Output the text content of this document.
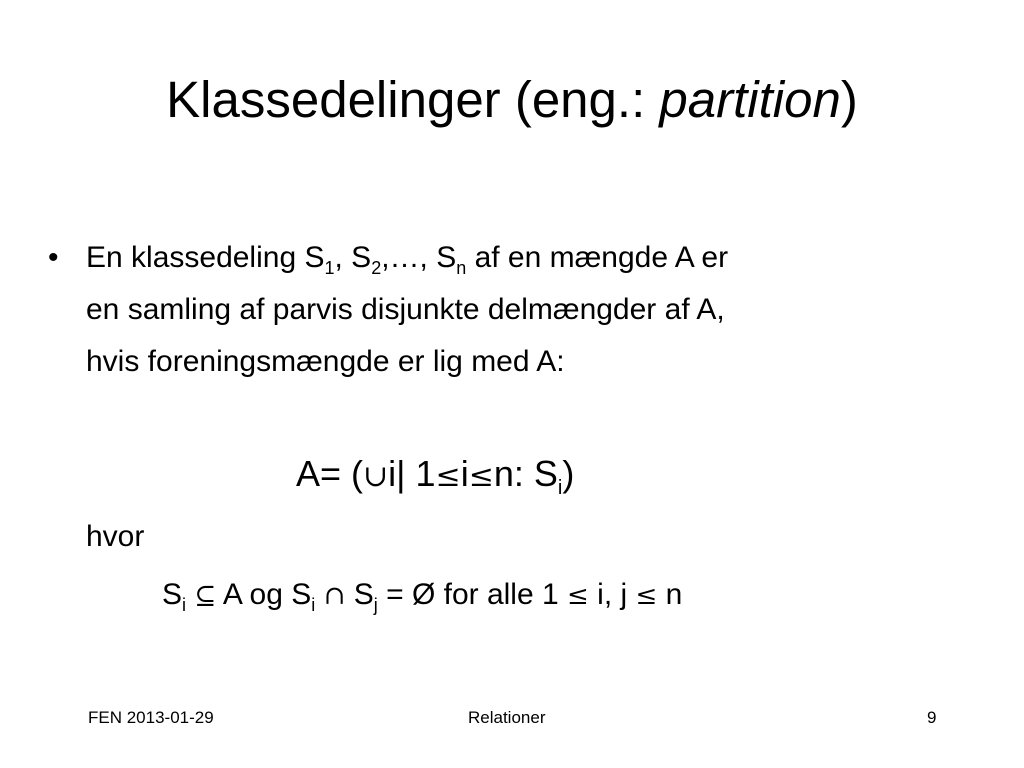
Klassedelinger (eng.: partition)
• En klassedeling $S_1$, $S_2,\dots$, $S_n$ af en mængde A er
en samling af parvis disjunkte delmængder af A,
hvis foreningsmængde er lig med A:
A= (∪i| 1≤i≤n: $S_i$)
hvor
$S_i$ ⊆ A og $S_i$ ∩ $S_j$ = Ø for alle 1 ≤ i, j ≤ n
FEN 2013-01-29	Relationer	9
